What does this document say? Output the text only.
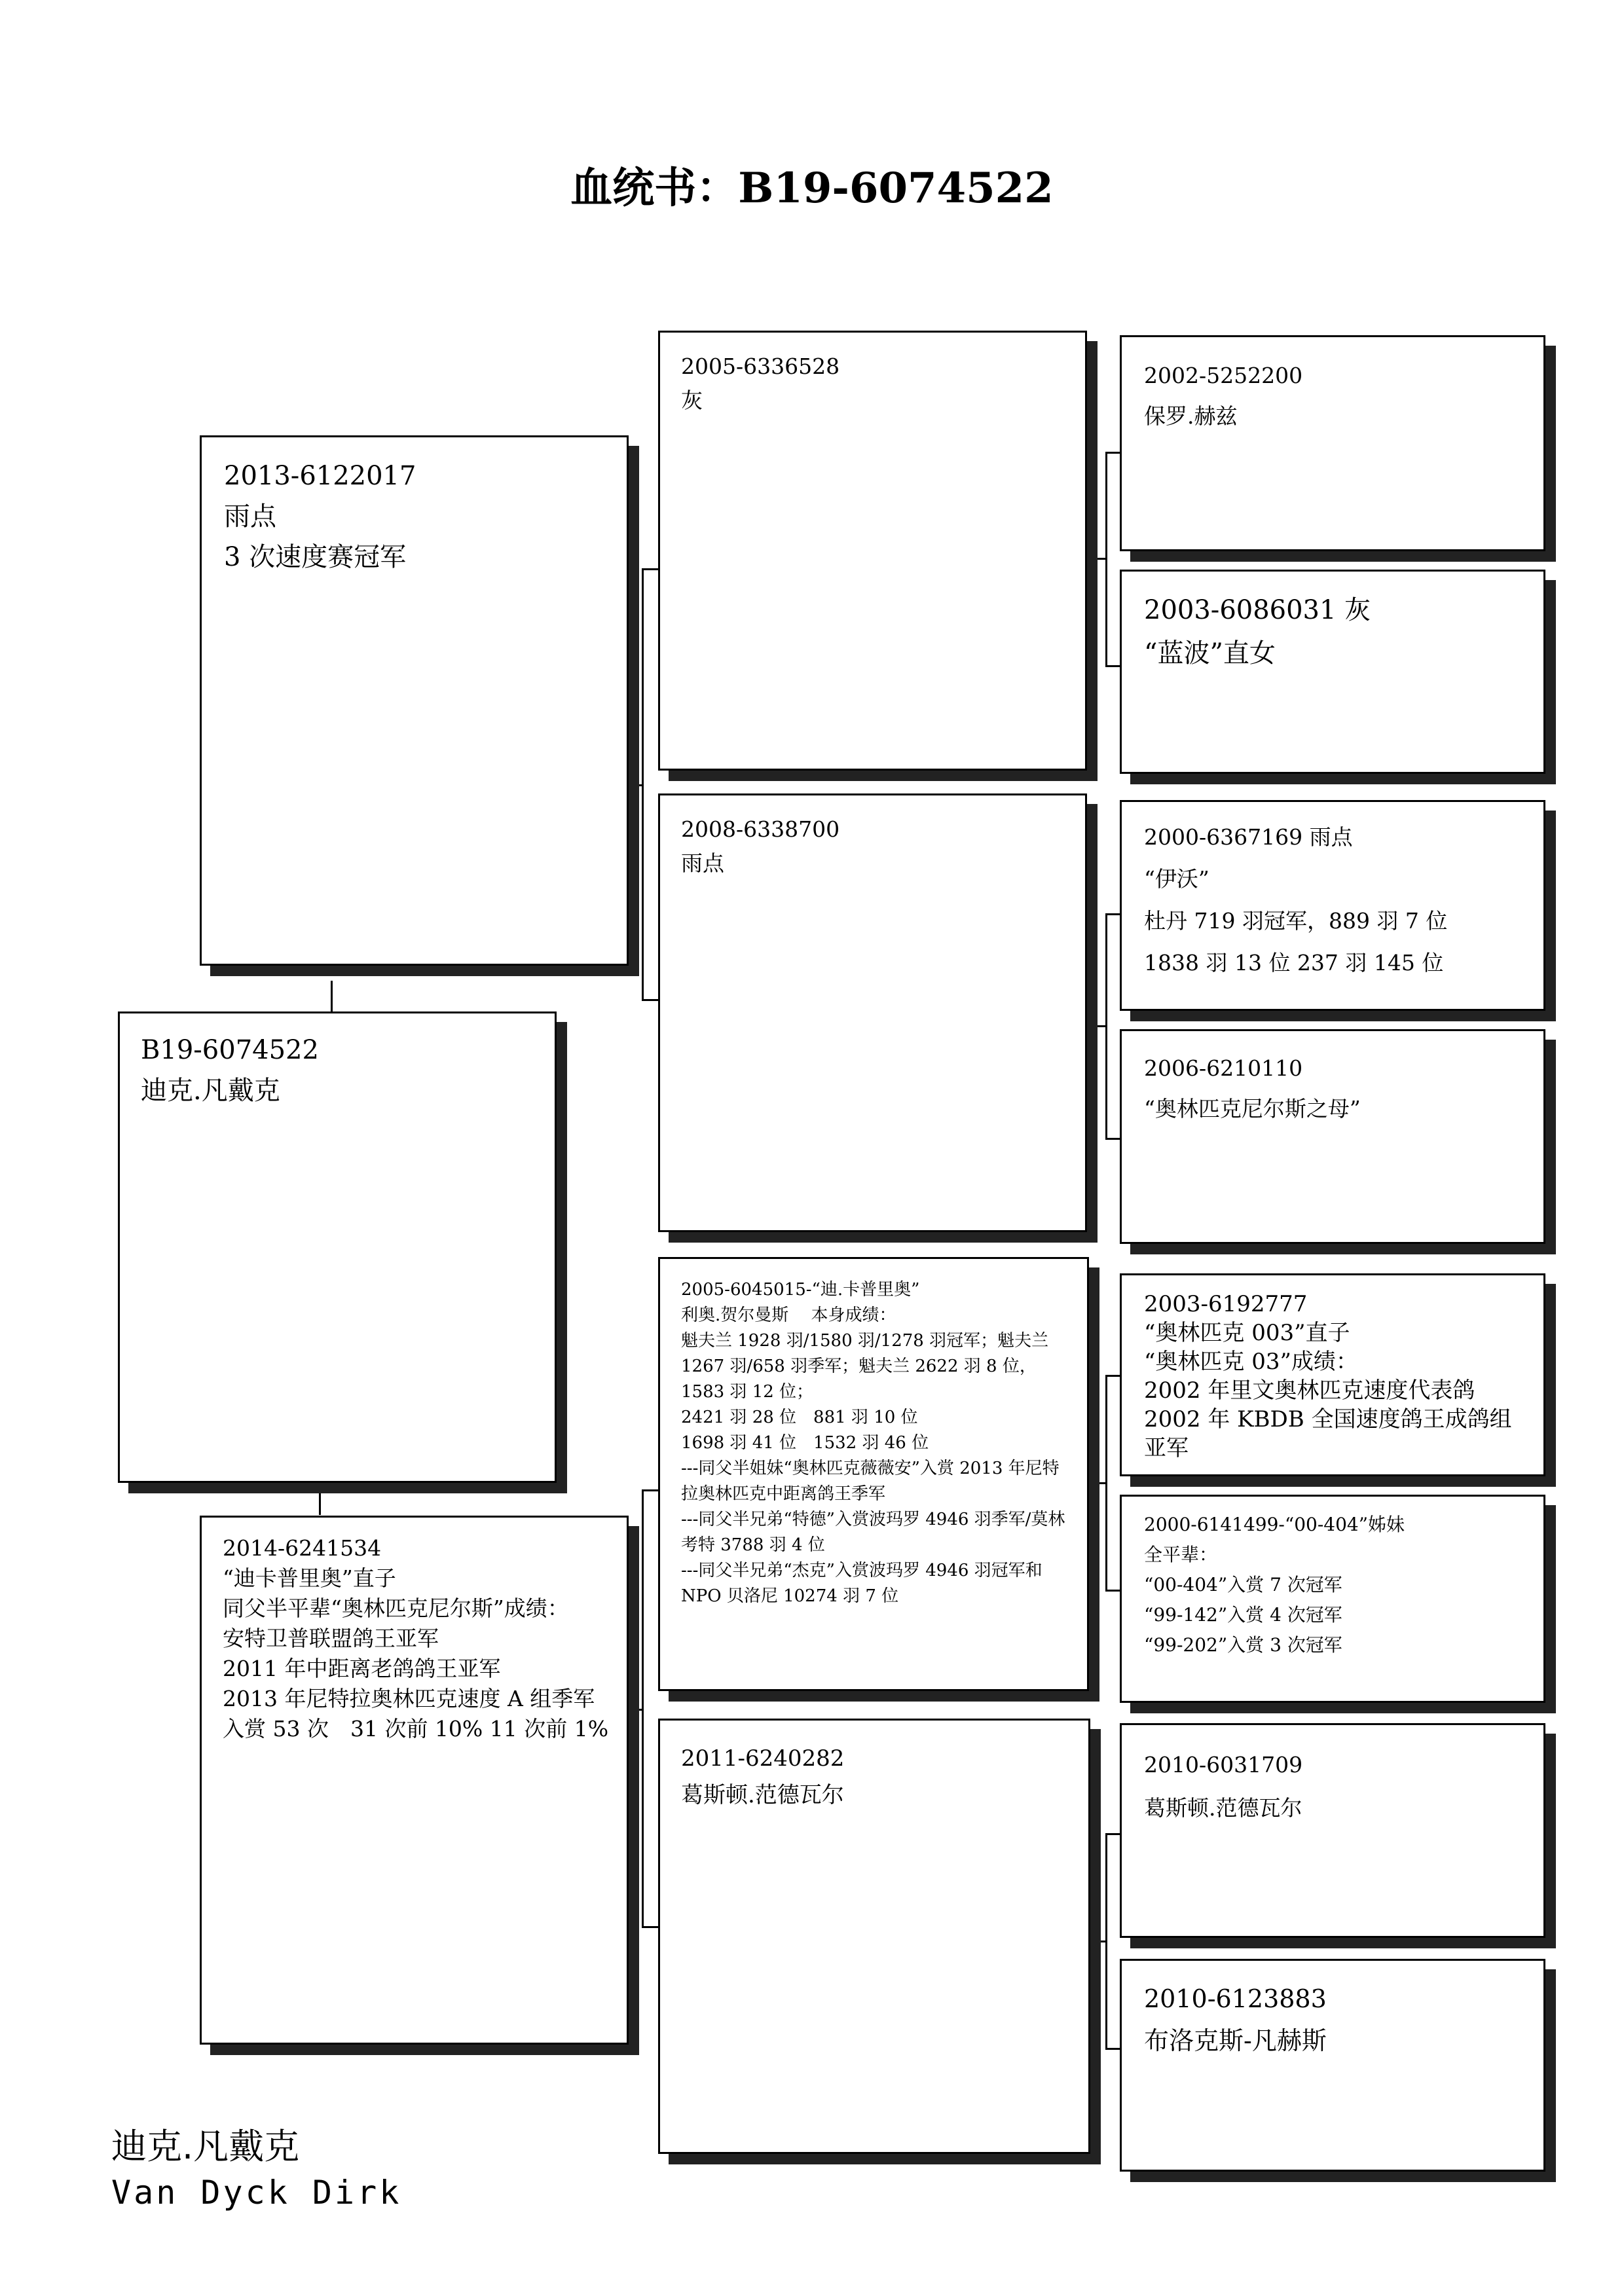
血统书：B19-6074522
2013-6122017
雨点
3 次速度赛冠军
B19-6074522
迪克.凡戴克
2014-6241534
“迪卡普里奥”直子
同父半平辈“奥林匹克尼尔斯”成绩：
安特卫普联盟鸽王亚军
2011 年中距离老鸽鸽王亚军
2013 年尼特拉奥林匹克速度 A 组季军
入赏 53 次　31 次前 10% 11 次前 1%
2005-6336528
灰
2008-6338700
雨点
2005-6045015-“迪.卡普里奥”
利奥.贺尔曼斯　 本身成绩：
魁夫兰 1928 羽/1580 羽/1278 羽冠军；魁夫兰 1267 羽/658 羽季军；魁夫兰 2622 羽 8 位，1583 羽 12 位；
2421 羽 28 位　881 羽 10 位
1698 羽 41 位　1532 羽 46 位
---同父半姐妹“奥林匹克薇薇安”入赏 2013 年尼特拉奥林匹克中距离鸽王季军
---同父半兄弟“特德”入赏波玛罗 4946 羽季军/莫林考特 3788 羽 4 位
---同父半兄弟“杰克”入赏波玛罗 4946 羽冠军和 NPO 贝洛尼 10274 羽 7 位
2011-6240282
葛斯顿.范德瓦尔
2002-5252200
保罗.赫兹
2003-6086031 灰
“蓝波”直女
2000-6367169 雨点
“伊沃”
杜丹 719 羽冠军，889 羽 7 位
1838 羽 13 位 237 羽 145 位
2006-6210110
“奥林匹克尼尔斯之母”
2003-6192777
“奥林匹克 003”直子
“奥林匹克 03”成绩：
2002 年里文奥林匹克速度代表鸽
2002 年 KBDB 全国速度鸽王成鸽组亚军
2000-6141499-“00-404”姊妹
全平辈：
“00-404”入赏 7 次冠军
“99-142”入赏 4 次冠军
“99-202”入赏 3 次冠军
2010-6031709
葛斯顿.范德瓦尔
2010-6123883
布洛克斯-凡赫斯
迪克.凡戴克
Van Dyck Dirk
